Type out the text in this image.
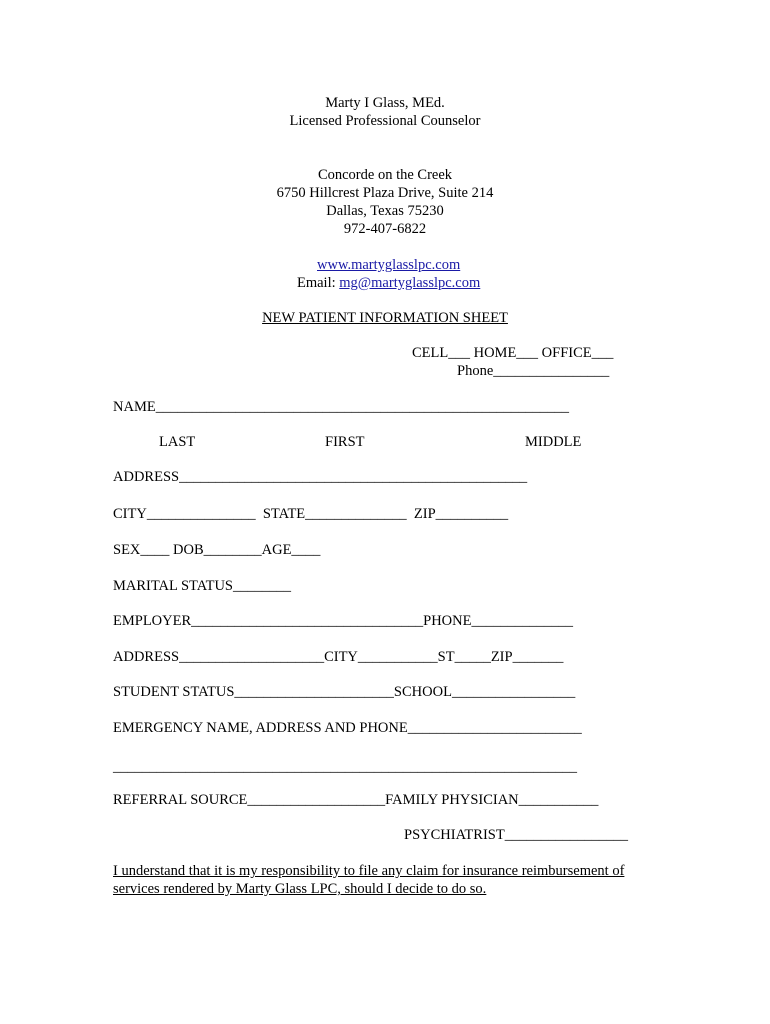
Marty I Glass, MEd.
Licensed Professional Counselor
Concorde on the Creek
6750 Hillcrest Plaza Drive, Suite 214
Dallas, Texas 75230
972-407-6822

www.martyglasslpc.com

Email: mg@martyglasslpc.com

NEW PATIENT INFORMATION SHEET
CELL___ HOME___ OFFICE___
Phone________________
NAME_________________________________________________________
LAST	FIRST	MIDDLE
ADDRESS________________________________________________
CITY_______________  STATE______________  ZIP__________
SEX____ DOB________AGE____
MARITAL STATUS________
EMPLOYER________________________________PHONE______________
ADDRESS____________________CITY___________ST_____ZIP_______
STUDENT STATUS______________________SCHOOL_________________
EMERGENCY NAME, ADDRESS AND PHONE________________________
________________________________________________________________
REFERRAL SOURCE___________________FAMILY PHYSICIAN___________
PSYCHIATRIST_________________
I understand that it is my responsibility to file any claim for insurance reimbursement of
services rendered by Marty Glass LPC, should I decide to do so.
